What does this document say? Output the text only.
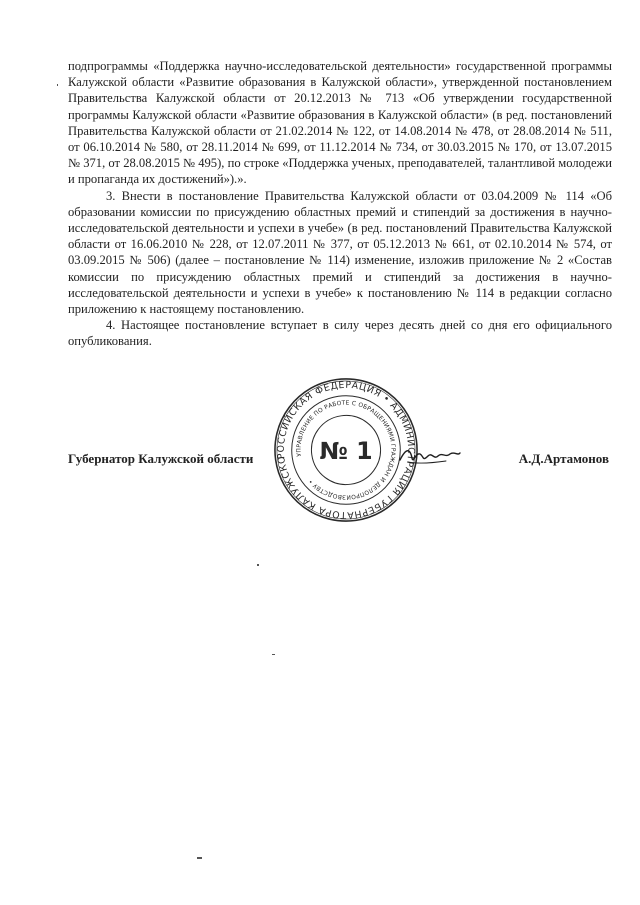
подпрограммы «Поддержка научно-исследовательской деятельности» государственной программы Калужской области «Развитие образования в Калужской области», утвержденной постановлением Правительства Калужской области от 20.12.2013 № 713 «Об утверждении государственной программы Калужской области «Развитие образования в Калужской области» (в ред. постановлений Правительства Калужской области от 21.02.2014 № 122, от 14.08.2014 № 478, от 28.08.2014 № 511, от 06.10.2014 № 580, от 28.11.2014 № 699, от 11.12.2014 № 734, от 30.03.2015 № 170, от 13.07.2015 № 371, от 28.08.2015 № 495), по строке «Поддержка ученых, преподавателей, талантливой молодежи и пропаганда их достижений»).».

3. Внести в постановление Правительства Калужской области от 03.04.2009 № 114 «Об образовании комиссии по присуждению областных премий и стипендий за достижения в научно-исследовательской деятельности и успехи в учебе» (в ред. постановлений Правительства Калужской области от 16.06.2010 № 228, от 12.07.2011 № 377, от 05.12.2013 № 661, от 02.10.2014 № 574, от 03.09.2015 № 506) (далее – постановление № 114) изменение, изложив приложение № 2 «Состав комиссии по присуждению областных премий и стипендий за достижения в научно-исследовательской деятельности и успехи в учебе» к постановлению № 114 в редакции согласно приложению к настоящему постановлению.

4. Настоящее постановление вступает в силу через десять дней со дня его официального опубликования.

Губернатор Калужской области	А.Д.Артамонов
РОССИЙСКАЯ ФЕДЕРАЦИЯ • АДМИНИСТРАЦИЯ ГУБЕРНАТОРА КАЛУЖСКОЙ
УПРАВЛЕНИЕ ПО РАБОТЕ С ОБРАЩЕНИЯМИ ГРАЖДАН И ДЕЛОПРОИЗВОДСТВУ •
№ 1
